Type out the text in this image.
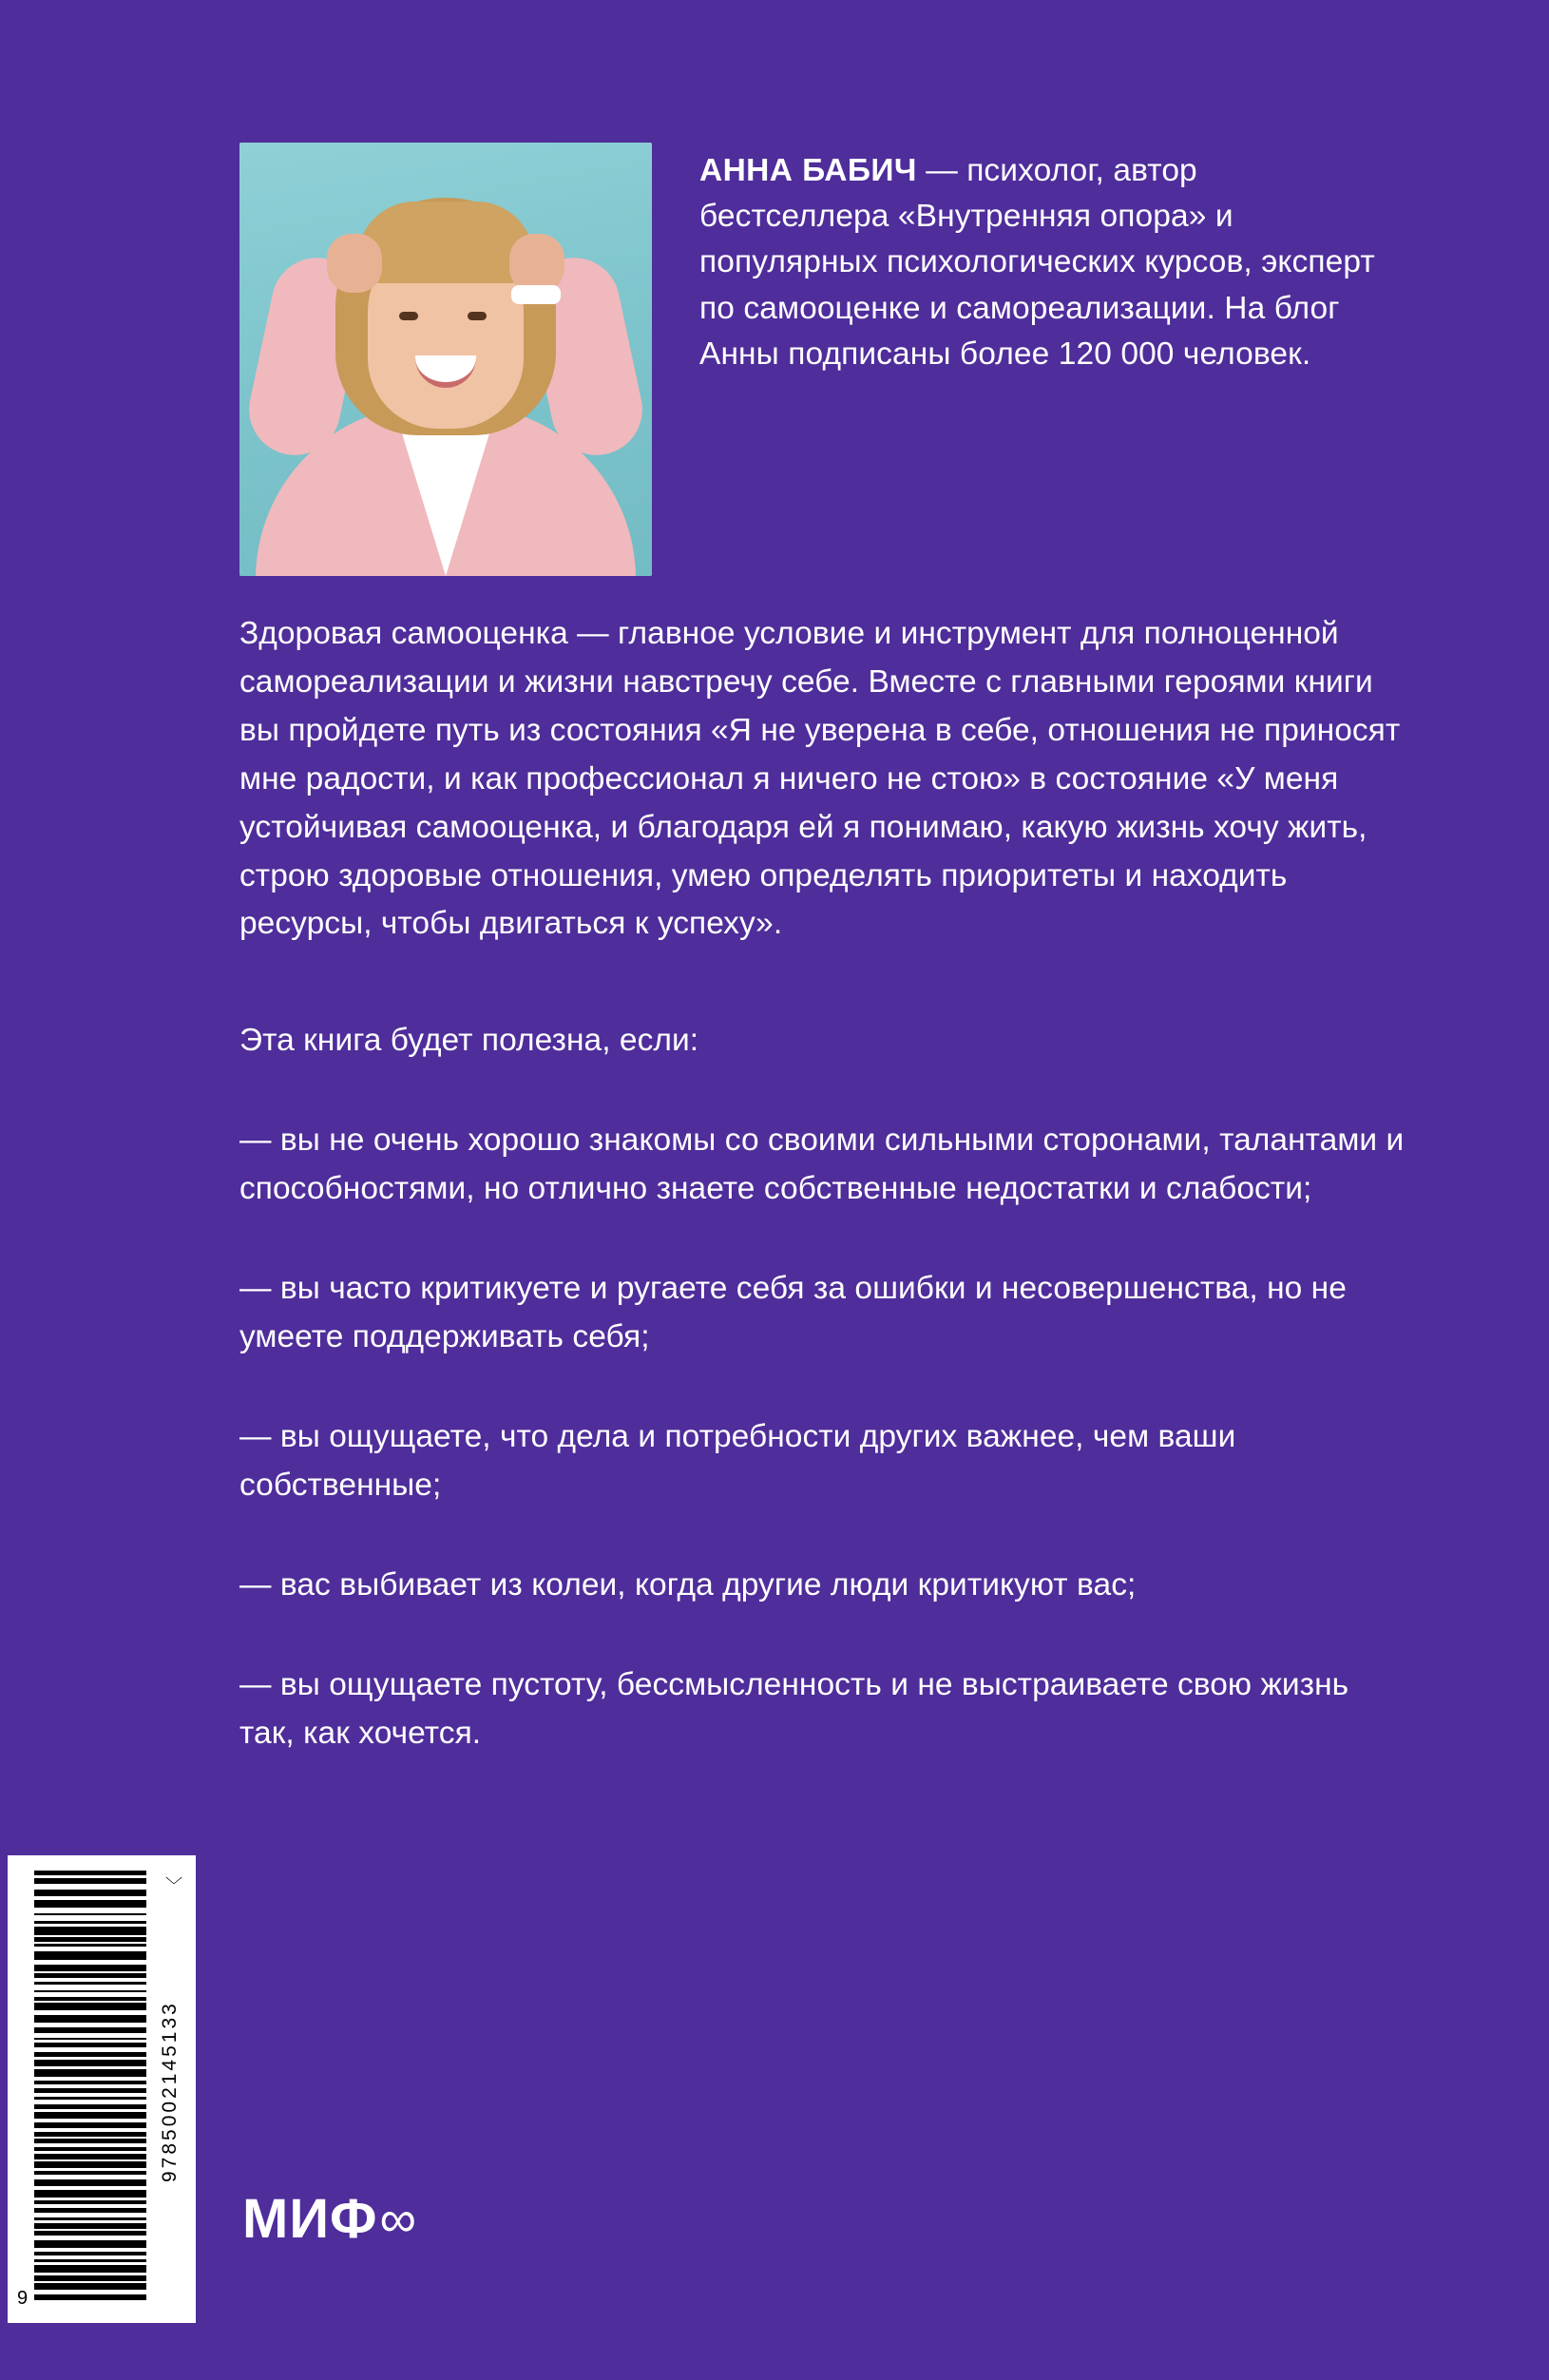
АННА БАБИЧ — психолог, автор бестселлера «Внутренняя опора» и популярных психологических курсов, эксперт по самооценке и самореализации. На блог Анны подписаны более 120 000 человек.

Здоровая самооценка — главное условие и инструмент для полноценной самореализации и жизни навстречу себе. Вместе с главными героями книги вы пройдете путь из состояния «Я не уверена в себе, отношения не приносят мне радости, и как профессионал я ничего не стою» в состояние «У меня устойчивая самооценка, и благодаря ей я понимаю, какую жизнь хочу жить, строю здоровые отношения, умею определять приоритеты и находить ресурсы, чтобы двигаться к успеху».

Эта книга будет полезна, если:

— вы не очень хорошо знакомы со своими сильными сторонами, талантами и способностями, но отлично знаете собственные недостатки и слабости;

— вы часто критикуете и ругаете себя за ошибки и несовершенства, но не умеете поддерживать себя;

— вы ощущаете, что дела и потребности других важнее, чем ваши собственные;

— вас выбивает из колеи, когда другие люди критикуют вас;

— вы ощущаете пустоту, бессмысленность и не выстраиваете свою жизнь так, как хочется.

9
9785002145133
〉
МИФ ∞
